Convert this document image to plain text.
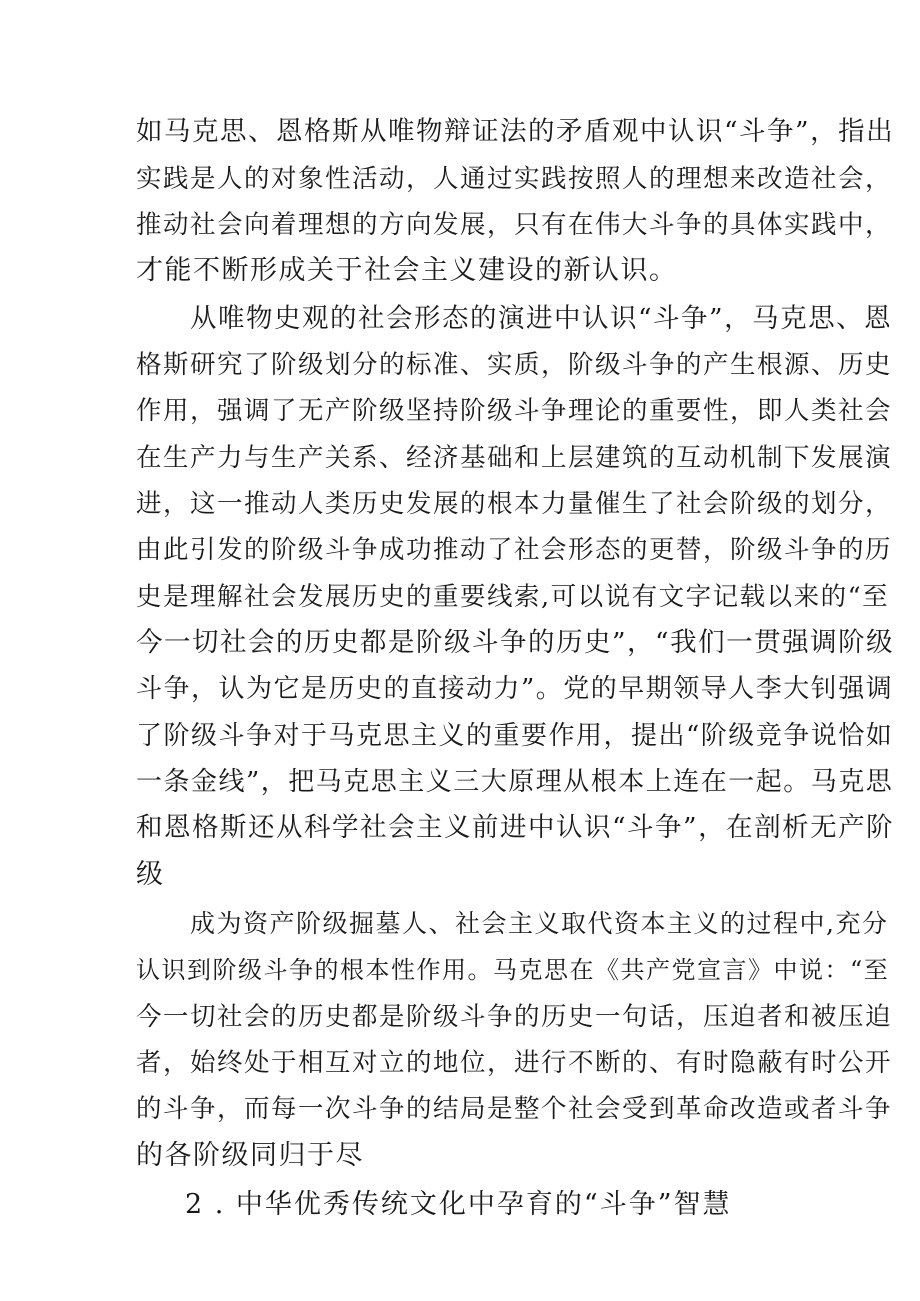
如马克思、恩格斯从唯物辩证法的矛盾观中认识“斗争”，指出
实践是人的对象性活动，人通过实践按照人的理想来改造社会，
推动社会向着理想的方向发展，只有在伟大斗争的具体实践中，
才能不断形成关于社会主义建设的新认识。
从唯物史观的社会形态的演进中认识“斗争”，马克思、恩
格斯研究了阶级划分的标准、实质，阶级斗争的产生根源、历史
作用，强调了无产阶级坚持阶级斗争理论的重要性，即人类社会
在生产力与生产关系、经济基础和上层建筑的互动机制下发展演
进，这一推动人类历史发展的根本力量催生了社会阶级的划分，
由此引发的阶级斗争成功推动了社会形态的更替，阶级斗争的历
史是理解社会发展历史的重要线索,可以说有文字记载以来的“至
今一切社会的历史都是阶级斗争的历史”，“我们一贯强调阶级
斗争，认为它是历史的直接动力”。党的早期领导人李大钊强调
了阶级斗争对于马克思主义的重要作用，提出“阶级竞争说恰如
一条金线”，把马克思主义三大原理从根本上连在一起。马克思
和恩格斯还从科学社会主义前进中认识“斗争”，在剖析无产阶
级
成为资产阶级掘墓人、社会主义取代资本主义的过程中,充分
认识到阶级斗争的根本性作用。马克思在《共产党宣言》中说：“至
今一切社会的历史都是阶级斗争的历史一句话，压迫者和被压迫
者，始终处于相互对立的地位，进行不断的、有时隐蔽有时公开
的斗争，而每一次斗争的结局是整个社会受到革命改造或者斗争
的各阶级同归于尽
2 . 中华优秀传统文化中孕育的“斗争”智慧
